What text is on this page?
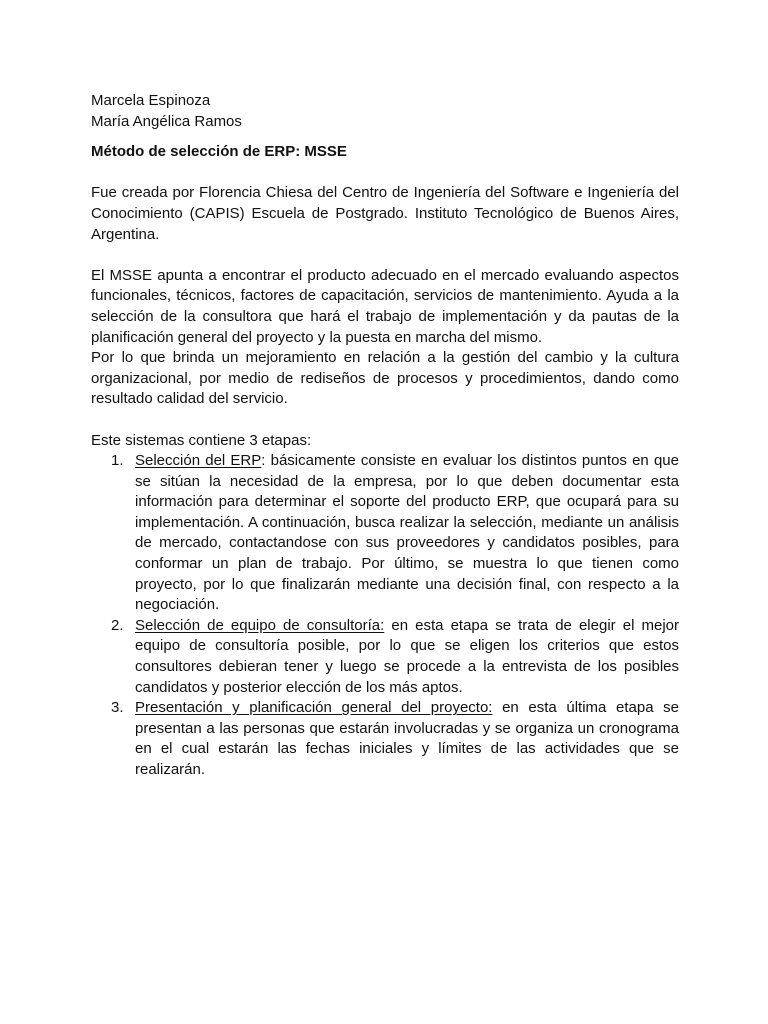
Marcela Espinoza

María Angélica Ramos

Método de selección de ERP: MSSE

Fue creada por Florencia Chiesa del Centro de Ingeniería del Software e Ingeniería del Conocimiento (CAPIS) Escuela de Postgrado. Instituto Tecnológico de Buenos Aires, Argentina.

El MSSE apunta a encontrar el producto adecuado en el mercado evaluando aspectos funcionales, técnicos, factores de capacitación, servicios de mantenimiento. Ayuda a la selección de la consultora que hará el trabajo de implementación y da pautas de la planificación general del proyecto y la puesta en marcha del mismo.

Por lo que brinda un mejoramiento en relación a la gestión del cambio y la cultura organizacional, por medio de rediseños de procesos y procedimientos, dando como resultado calidad del servicio.

Este sistemas contiene 3 etapas:

1. Selección del ERP: básicamente consiste en evaluar los distintos puntos en que se sitúan la necesidad de la empresa, por lo que deben documentar esta información para determinar el soporte del producto ERP, que ocupará para su implementación. A continuación, busca realizar la selección, mediante un análisis de mercado, contactandose con sus proveedores y candidatos posibles, para conformar un plan de trabajo. Por último, se muestra lo que tienen como proyecto, por lo que finalizarán mediante una decisión final, con respecto a la negociación.
2. Selección de equipo de consultoría: en esta etapa se trata de elegir el mejor equipo de consultoría posible, por lo que se eligen los criterios que estos consultores debieran tener y luego se procede a la entrevista de los posibles candidatos y posterior elección de los más aptos.
3. Presentación y planificación general del proyecto: en esta última etapa se presentan a las personas que estarán involucradas y se organiza un cronograma en el cual estarán las fechas iniciales y límites de las actividades que se realizarán.
